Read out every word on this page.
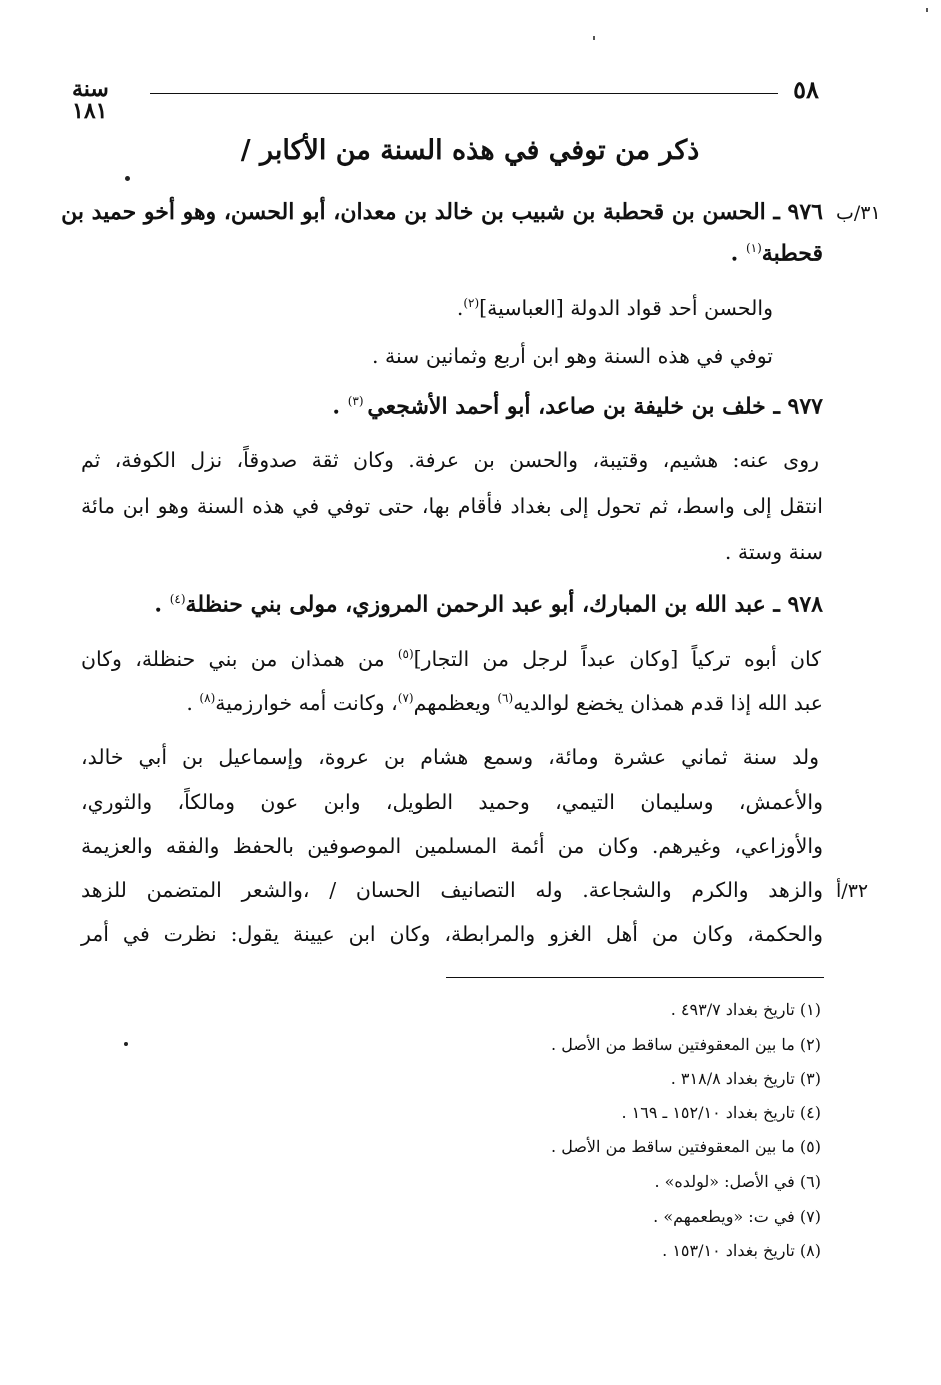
٥٨
سنة ١٨١
ذكر من توفي في هذه السنة من الأكابر /
٣١/ب
٣٢/أ
٩٧٦ ـ الحسن بن قحطبة بن شبيب بن خالد بن معدان، أبو الحسن، وهو أخو حميد بن
قحطبة$^{(١)}$ .
والحسن أحد قواد الدولة [العباسية]$^{(٢)}$.
توفي في هذه السنة وهو ابن أربع وثمانين سنة .
٩٧٧ ـ خلف بن خليفة بن صاعد، أبو أحمد الأشجعي $^{(٣)}$ .
روى عنه: هشيم، وقتيبة، والحسن بن عرفة. وكان ثقة صدوقاً، نزل الكوفة، ثم
انتقل إلى واسط، ثم تحول إلى بغداد فأقام بها، حتى توفي في هذه السنة وهو ابن مائة
سنة وستة .
٩٧٨ ـ عبد الله بن المبارك، أبو عبد الرحمن المروزي، مولى بني حنظلة$^{(٤)}$ .
كان أبوه تركياً [وكان عبداً لرجل من التجار]$^{(٥)}$ من همذان من بني حنظلة، وكان
عبد الله إذا قدم همذان يخضع لوالديه$^{(٦)}$ ويعظمهم$^{(٧)}$، وكانت أمه خوارزمية$^{(٨)}$ .
ولد سنة ثماني عشرة ومائة، وسمع هشام بن عروة، وإسماعيل بن أبي خالد،
والأعمش، وسليمان التيمي، وحميد الطويل، وابن عون ومالكاً، والثوري،
والأوزاعي، وغيرهم. وكان من أئمة المسلمين الموصوفين بالحفظ والفقه والعزيمة
والزهد والكرم والشجاعة. وله التصانيف الحسان / ،والشعر المتضمن للزهد
والحكمة، وكان من أهل الغزو والمرابطة، وكان ابن عيينة يقول: نظرت في أمر
(١) تاريخ بغداد ٤٩٣/٧ .
(٢) ما بين المعقوفتين ساقط من الأصل .
(٣) تاريخ بغداد ٣١٨/٨ .
(٤) تاريخ بغداد ١٥٢/١٠ ـ ١٦٩ .
(٥) ما بين المعقوفتين ساقط من الأصل .
(٦) في الأصل: «لولده» .
(٧) في ت: «ويطعمهم» .
(٨) تاريخ بغداد ١٥٣/١٠ .
